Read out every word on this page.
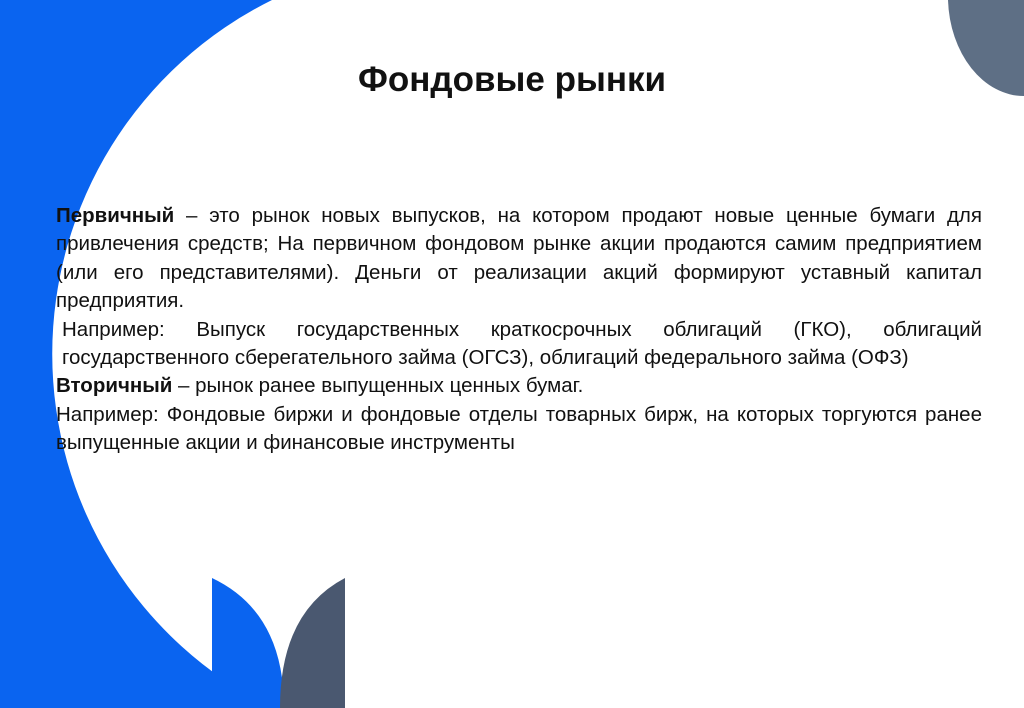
Фондовые рынки

Первичный – это рынок новых выпусков, на котором продают новые ценные бумаги для привлечения средств; На первичном фондовом рынке акции продаются самим предприятием (или его представителями). Деньги от реализации акций формируют уставный капитал предприятия.

Например: Выпуск государственных краткосрочных облигаций (ГКО), облигаций государственного сберегательного займа (ОГСЗ), облигаций федерального займа (ОФЗ)

Вторичный – рынок ранее выпущенных ценных бумаг.

Например: Фондовые биржи и фондовые отделы товарных бирж, на которых торгуются ранее выпущенные акции и финансовые инструменты
